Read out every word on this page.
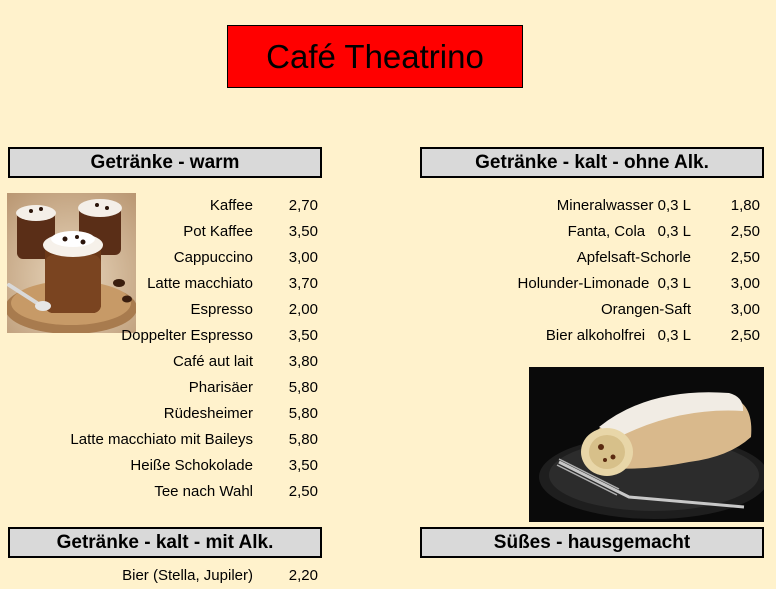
Café Theatrino
Getränke - warm	Getränke - kalt - ohne Alk.
Getränke - kalt - mit Alk.	Süßes - hausgemacht
Kaffee 2,70
Pot Kaffee 3,50
Cappuccino 3,00
Latte macchiato 3,70
Espresso 2,00
Doppelter Espresso 3,50
Café aut lait 3,80
Pharisäer 5,80
Rüdesheimer 5,80
Latte macchiato mit Baileys 5,80
Heiße Schokolade 3,50
Tee nach Wahl 2,50
Mineralwasser 0,3 L	1,80
Fanta, Cola   0,3 L	2,50
Apfelsaft-Schorle	2,50
Holunder-Limonade  0,3 L	3,00
Orangen-Saft	3,00
Bier alkoholfrei   0,3 L	2,50
Bier (Stella, Jupiler) 2,20
